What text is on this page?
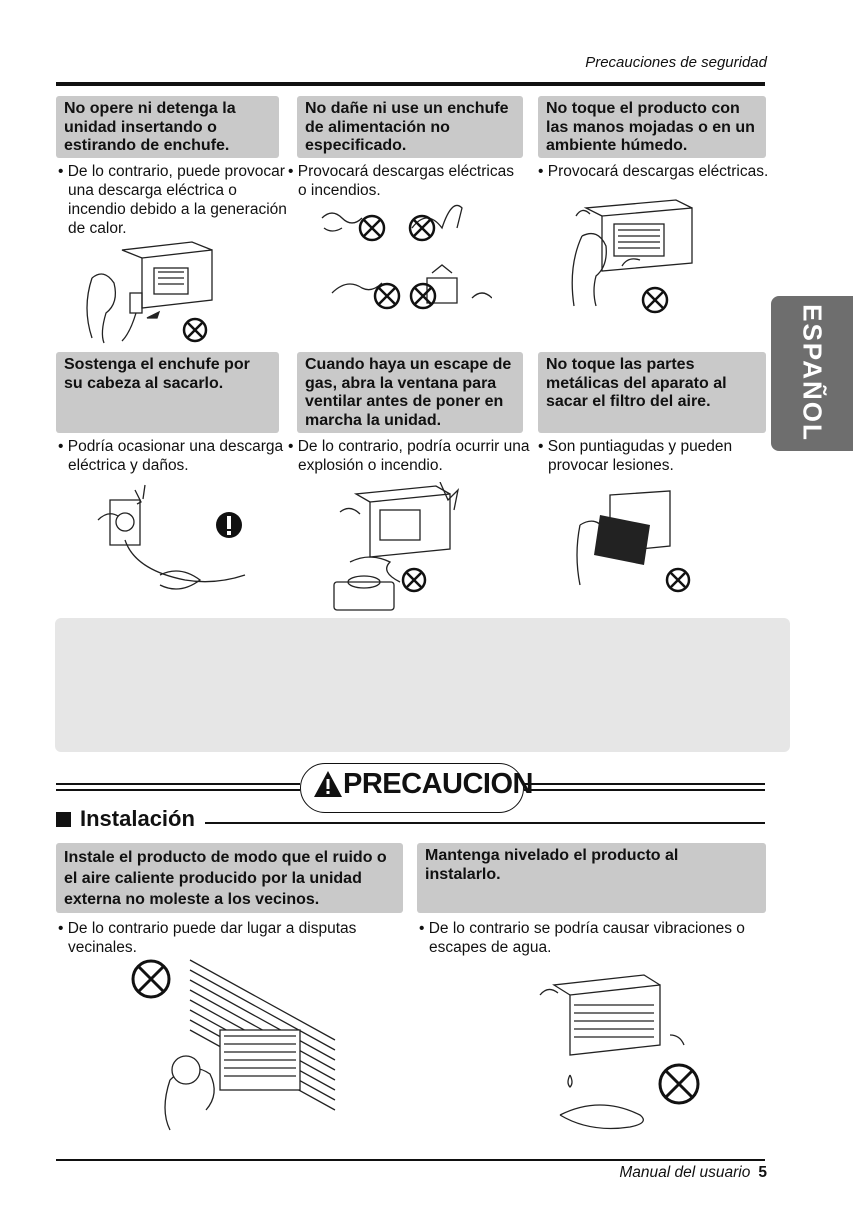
Precauciones de seguridad
No opere ni detenga la unidad insertando o estirando de enchufe.
• De lo contrario, puede provocar una descarga eléctrica o incendio debido a la generación de calor.
No dañe ni use un enchufe de alimentación no especificado.
• Provocará descargas eléctricas o incendios.
No toque el producto con las manos mojadas o en un ambiente húmedo.
• Provocará descargas eléctricas.
Sostenga el enchufe por su cabeza al sacarlo.
• Podría ocasionar una descarga eléctrica y daños.
Cuando haya un escape de gas, abra la ventana para ventilar antes de poner en marcha la unidad.
• De lo contrario, podría ocurrir una explosión o incendio.
No toque las partes metálicas del aparato al sacar el filtro del aire.
• Son puntiagudas y pueden provocar lesiones.
ESPAÑOL
PRECAUCION
Instalación
Instale el producto de modo que el ruido o el aire caliente producido por la unidad externa no moleste a los vecinos.
• De lo contrario puede dar lugar a disputas vecinales.
Mantenga nivelado el producto al instalarlo.
• De lo contrario se podría causar vibraciones o escapes de agua.
Manual del usuario 5
